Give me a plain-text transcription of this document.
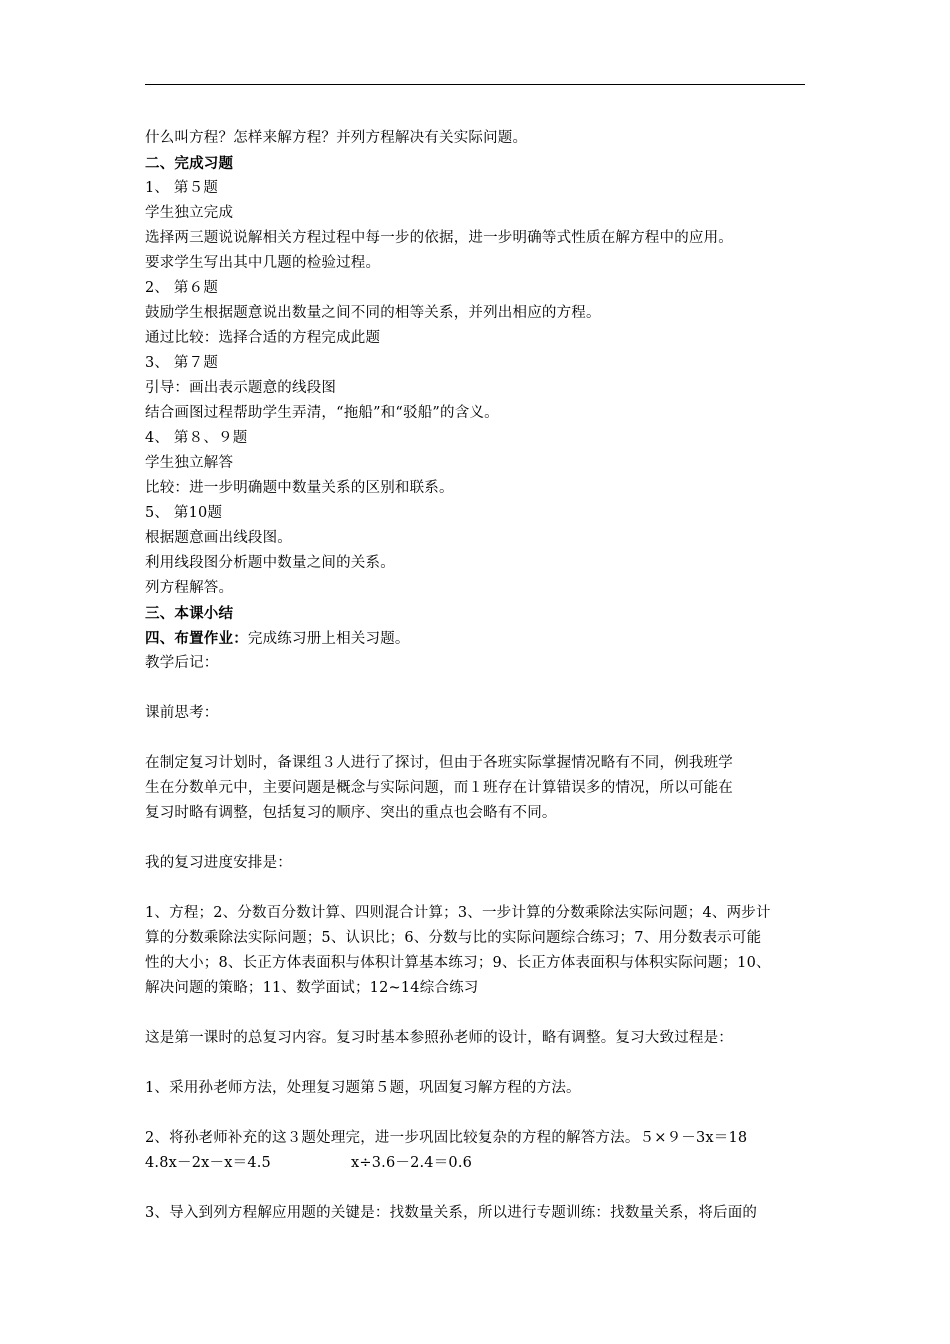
什么叫方程？怎样来解方程？并列方程解决有关实际问题。
二、完成习题
1、 第５题
学生独立完成
选择两三题说说解相关方程过程中每一步的依据，进一步明确等式性质在解方程中的应用。
要求学生写出其中几题的检验过程。
2、 第６题
鼓励学生根据题意说出数量之间不同的相等关系，并列出相应的方程。
通过比较：选择合适的方程完成此题
3、 第７题
引导：画出表示题意的线段图
结合画图过程帮助学生弄清，“拖船”和“驳船”的含义。
4、 第８、９题
学生独立解答
比较：进一步明确题中数量关系的区别和联系。
5、 第10题
根据题意画出线段图。
利用线段图分析题中数量之间的关系。
列方程解答。
三、本课小结
四、布置作业：完成练习册上相关习题。
教学后记：
课前思考：
在制定复习计划时，备课组３人进行了探讨，但由于各班实际掌握情况略有不同，例我班学
生在分数单元中，主要问题是概念与实际问题，而１班存在计算错误多的情况，所以可能在
复习时略有调整，包括复习的顺序、突出的重点也会略有不同。
我的复习进度安排是：
1、方程；2、分数百分数计算、四则混合计算；3、一步计算的分数乘除法实际问题；4、两步计
算的分数乘除法实际问题；5、认识比；6、分数与比的实际问题综合练习；7、用分数表示可能
性的大小；8、长正方体表面积与体积计算基本练习；9、长正方体表面积与体积实际问题；10、
解决问题的策略；11、数学面试；12~14综合练习
这是第一课时的总复习内容。复习时基本参照孙老师的设计，略有调整。复习大致过程是：
1、采用孙老师方法，处理复习题第５题，巩固复习解方程的方法。
2、将孙老师补充的这３题处理完，进一步巩固比较复杂的方程的解答方法。５×９－3x＝18
4.8x－2x－x＝4.5	x÷3.6－2.4＝0.6
3、导入到列方程解应用题的关键是：找数量关系，所以进行专题训练：找数量关系，将后面的
